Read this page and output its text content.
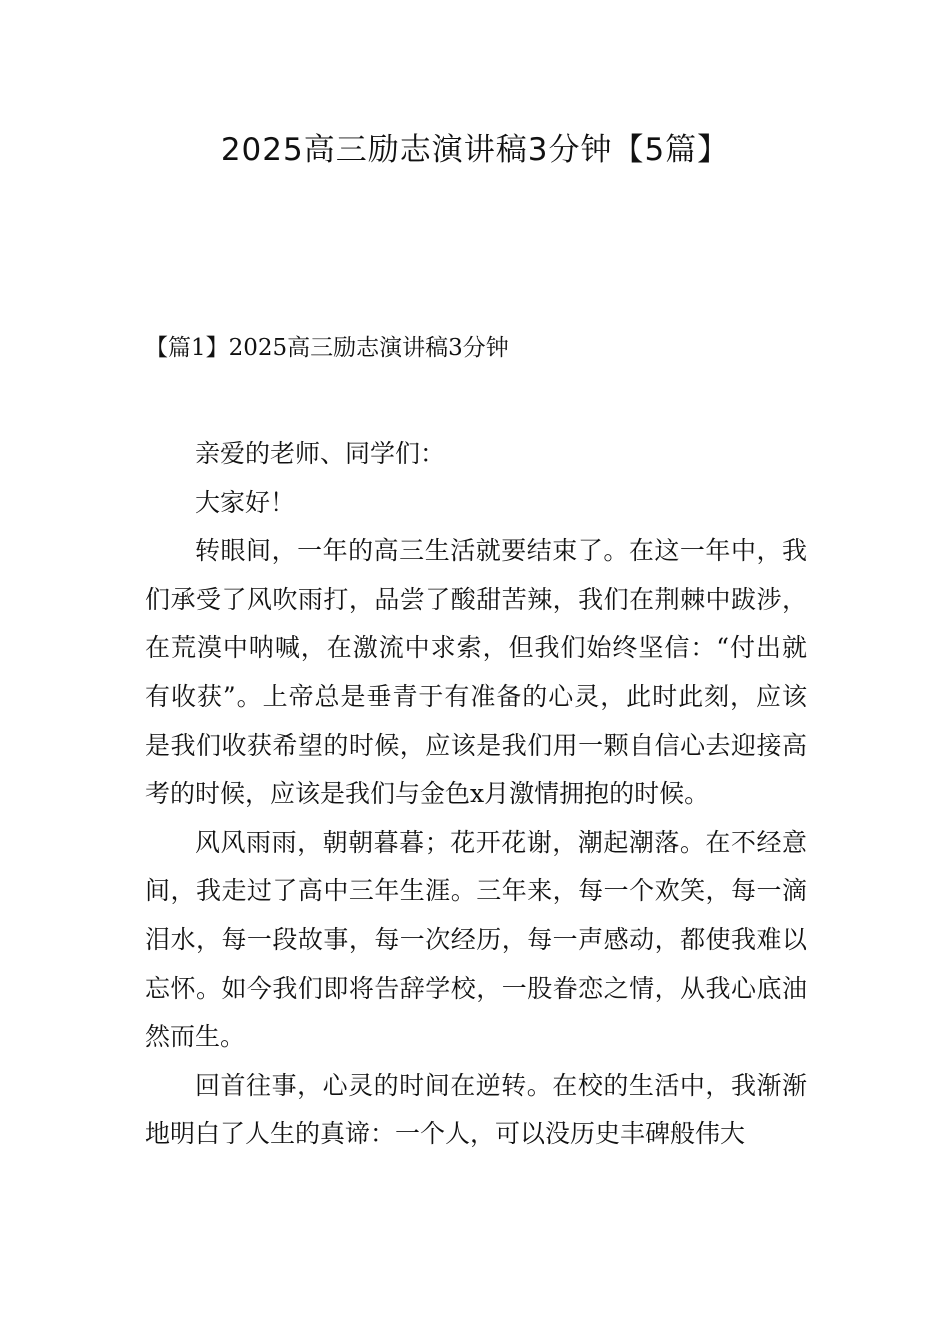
2025高三励志演讲稿3分钟【5篇】
【篇1】2025高三励志演讲稿3分钟

亲爱的老师、同学们：

大家好！

转眼间，一年的高三生活就要结束了。在这一年中，我们承受了风吹雨打，品尝了酸甜苦辣，我们在荆棘中跋涉，在荒漠中呐喊，在激流中求索，但我们始终坚信：“付出就有收获”。上帝总是垂青于有准备的心灵，此时此刻，应该是我们收获希望的时候，应该是我们用一颗自信心去迎接高考的时候，应该是我们与金色x月激情拥抱的时候。

风风雨雨，朝朝暮暮；花开花谢，潮起潮落。在不经意间，我走过了高中三年生涯。三年来，每一个欢笑，每一滴泪水，每一段故事，每一次经历，每一声感动，都使我难以忘怀。如今我们即将告辞学校，一股眷恋之情，从我心底油然而生。

回首往事，心灵的时间在逆转。在校的生活中，我渐渐地明白了人生的真谛：一个人，可以没历史丰碑般伟大
